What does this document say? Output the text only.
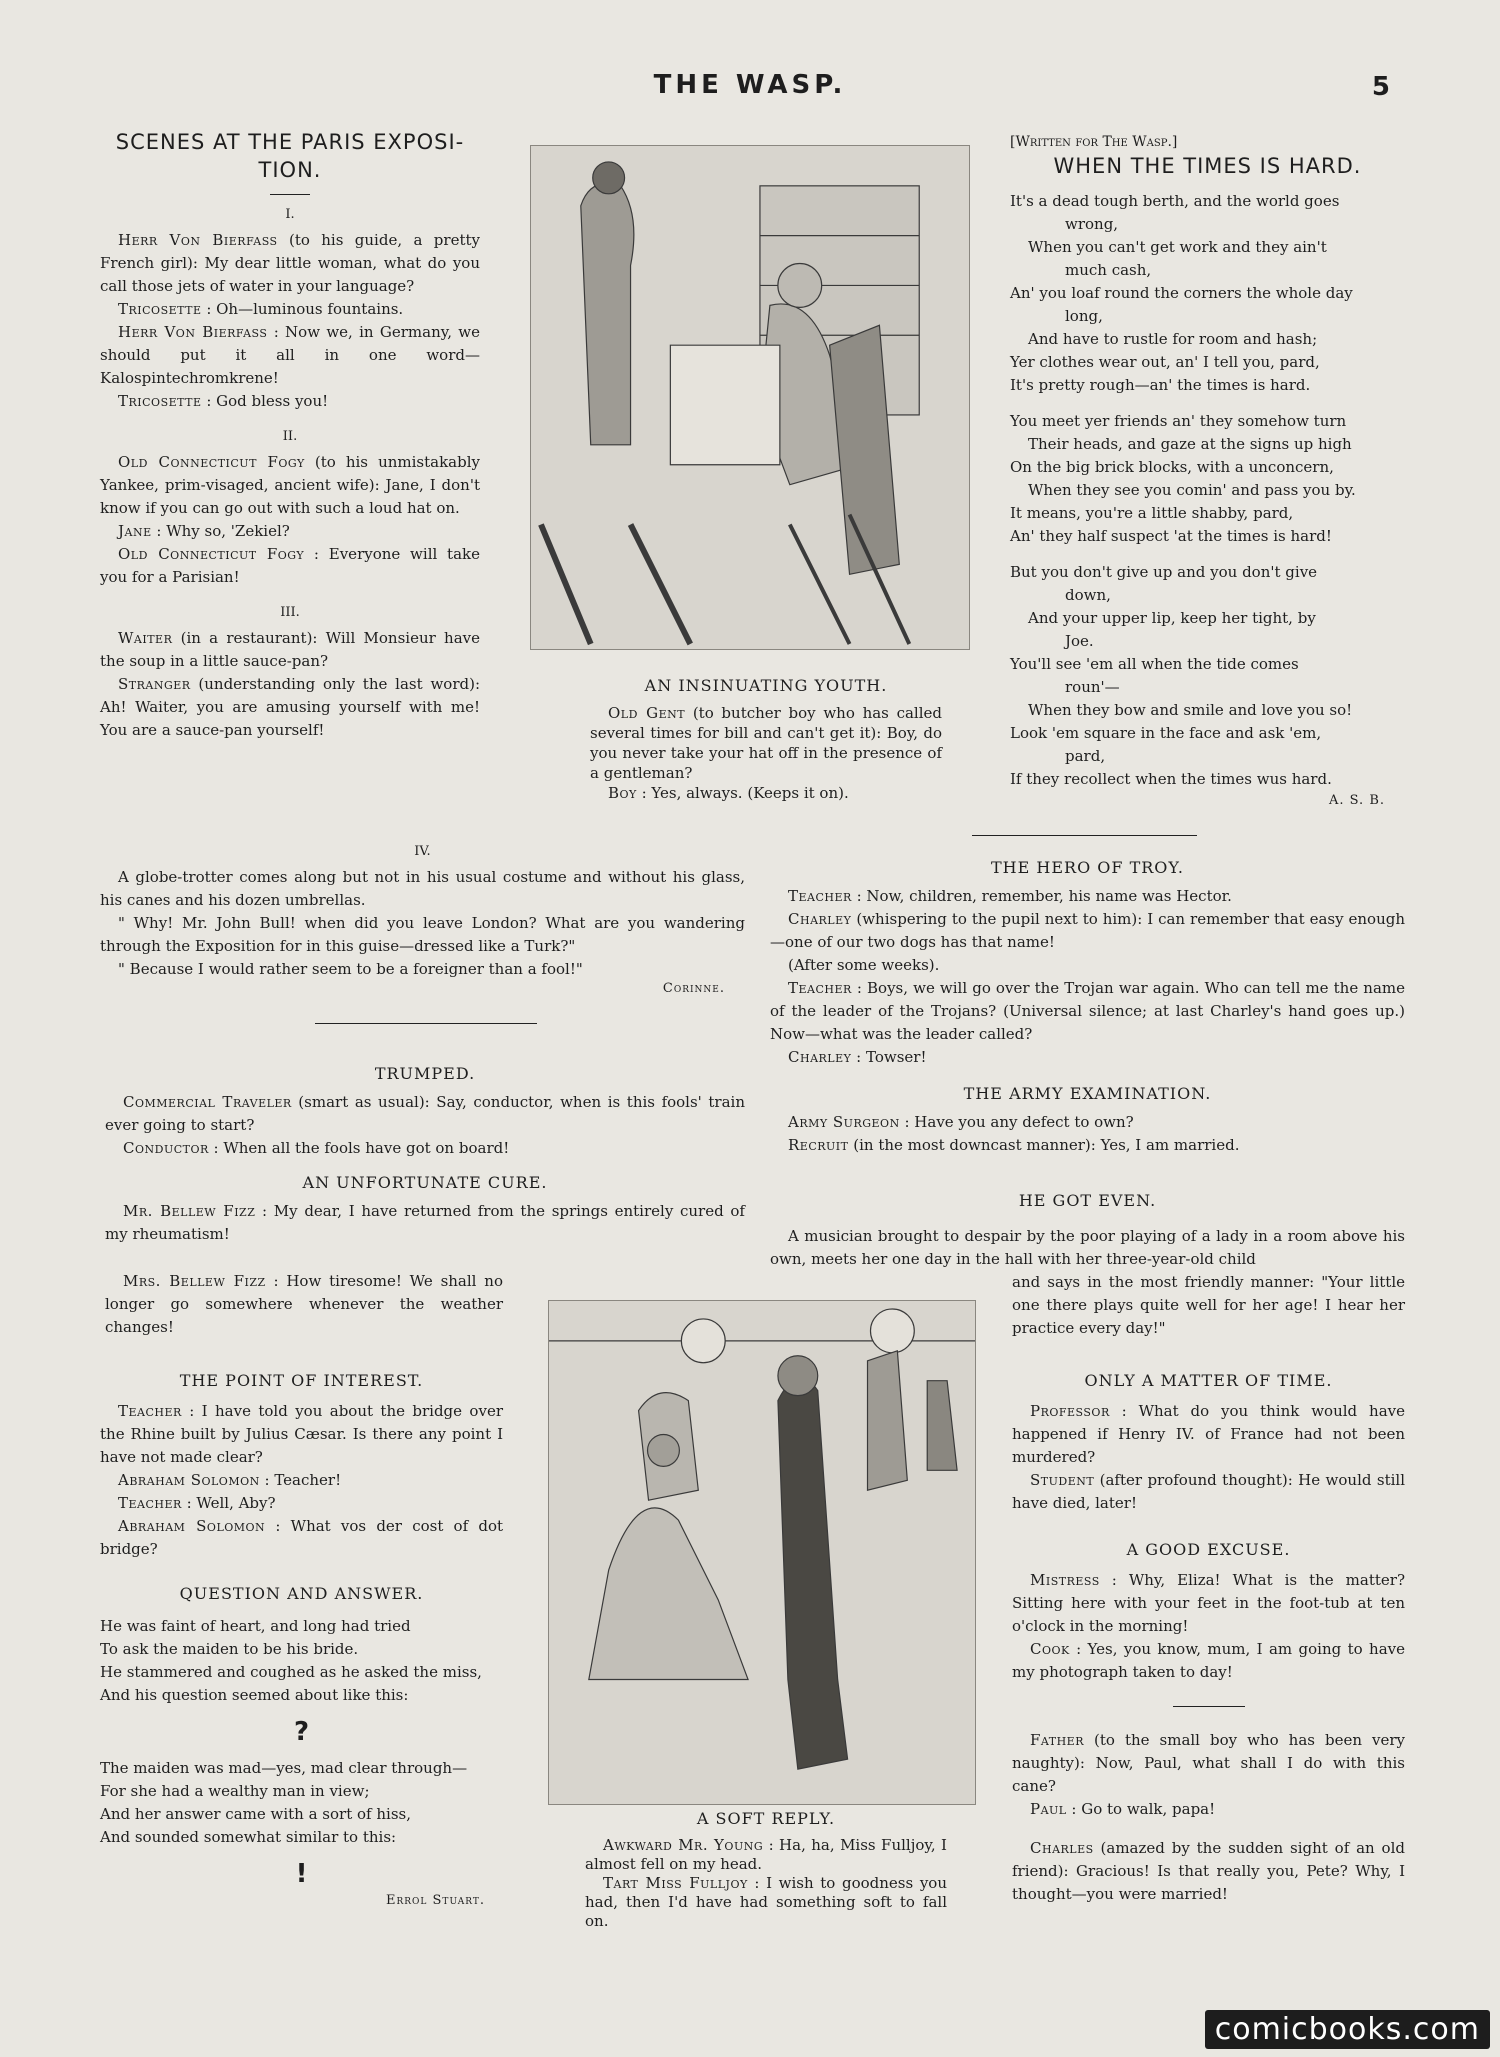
THE WASP.	5
SCENES AT THE PARIS EXPOSI- TION.
I.
Herr Von Bierfass (to his guide, a pretty French girl): My dear little woman, what do you call those jets of water in your language?
Tricosette : Oh—luminous fountains.
Herr Von Bierfass : Now we, in Germany, we should put it all in one word—Kalospintechromkrene!
Tricosette : God bless you!
II.
Old Connecticut Fogy (to his unmistakably Yankee, prim-visaged, ancient wife): Jane, I don't know if you can go out with such a loud hat on.
Jane : Why so, 'Zekiel?
Old Connecticut Fogy : Everyone will take you for a Parisian!
III.
Waiter (in a restaurant): Will Monsieur have the soup in a little sauce-pan?
Stranger (understanding only the last word): Ah! Waiter, you are amusing yourself with me! You are a sauce-pan yourself!
AN INSINUATING YOUTH.
Old Gent (to butcher boy who has called several times for bill and can't get it): Boy, do you never take your hat off in the presence of a gentleman?
Boy : Yes, always. (Keeps it on).
[Written for The Wasp.]
WHEN THE TIMES IS HARD.
It's a dead tough berth, and the world goes
wrong,
When you can't get work and they ain't
much cash,
An' you loaf round the corners the whole day
long,
And have to rustle for room and hash;
Yer clothes wear out, an' I tell you, pard,
It's pretty rough—an' the times is hard.
You meet yer friends an' they somehow turn
Their heads, and gaze at the signs up high
On the big brick blocks, with a unconcern,
When they see you comin' and pass you by.
It means, you're a little shabby, pard,
An' they half suspect 'at the times is hard!
But you don't give up and you don't give
down,
And your upper lip, keep her tight, by
Joe.
You'll see 'em all when the tide comes
roun'—
When they bow and smile and love you so!
Look 'em square in the face and ask 'em,
pard,
If they recollect when the times wus hard.
A. S. B.
IV.
A globe-trotter comes along but not in his usual costume and without his glass, his canes and his dozen umbrellas.
" Why! Mr. John Bull! when did you leave London? What are you wandering through the Exposition for in this guise—dressed like a Turk?"
" Because I would rather seem to be a foreigner than a fool!"
Corinne.
THE HERO OF TROY.
Teacher : Now, children, remember, his name was Hector.
Charley (whispering to the pupil next to him): I can remember that easy enough—one of our two dogs has that name!
(After some weeks).
Teacher : Boys, we will go over the Trojan war again. Who can tell me the name of the leader of the Trojans? (Universal silence; at last Charley's hand goes up.) Now—what was the leader called?
Charley : Towser!
THE ARMY EXAMINATION.
Army Surgeon : Have you any defect to own?
Recruit (in the most downcast manner): Yes, I am married.
TRUMPED.
Commercial Traveler (smart as usual): Say, conductor, when is this fools' train ever going to start?
Conductor : When all the fools have got on board!
AN UNFORTUNATE CURE.
Mr. Bellew Fizz : My dear, I have returned from the springs entirely cured of my rheumatism!
Mrs. Bellew Fizz : How tiresome! We shall no longer go somewhere whenever the weather changes!
HE GOT EVEN.
A musician brought to despair by the poor playing of a lady in a room above his own, meets her one day in the hall with her three-year-old child
and says in the most friendly manner: "Your little one there plays quite well for her age! I hear her practice every day!"
THE POINT OF INTEREST.
Teacher : I have told you about the bridge over the Rhine built by Julius Cæsar. Is there any point I have not made clear?
Abraham Solomon : Teacher!
Teacher : Well, Aby?
Abraham Solomon : What vos der cost of dot bridge?
QUESTION AND ANSWER.
He was faint of heart, and long had tried
To ask the maiden to be his bride.
He stammered and coughed as he asked the miss,
And his question seemed about like this:
?
The maiden was mad—yes, mad clear through—
For she had a wealthy man in view;
And her answer came with a sort of hiss,
And sounded somewhat similar to this:
!
Errol Stuart.
A SOFT REPLY.
Awkward Mr. Young : Ha, ha, Miss Fulljoy, I almost fell on my head.
Tart Miss Fulljoy : I wish to goodness you had, then I'd have had something soft to fall on.
ONLY A MATTER OF TIME.
Professor : What do you think would have happened if Henry IV. of France had not been murdered?
Student (after profound thought): He would still have died, later!
A GOOD EXCUSE.
Mistress : Why, Eliza! What is the matter? Sitting here with your feet in the foot-tub at ten o'clock in the morning!
Cook : Yes, you know, mum, I am going to have my photograph taken to day!
Father (to the small boy who has been very naughty): Now, Paul, what shall I do with this cane?
Paul : Go to walk, papa!
Charles (amazed by the sudden sight of an old friend): Gracious! Is that really you, Pete? Why, I thought—you were married!
comicbooks.com
